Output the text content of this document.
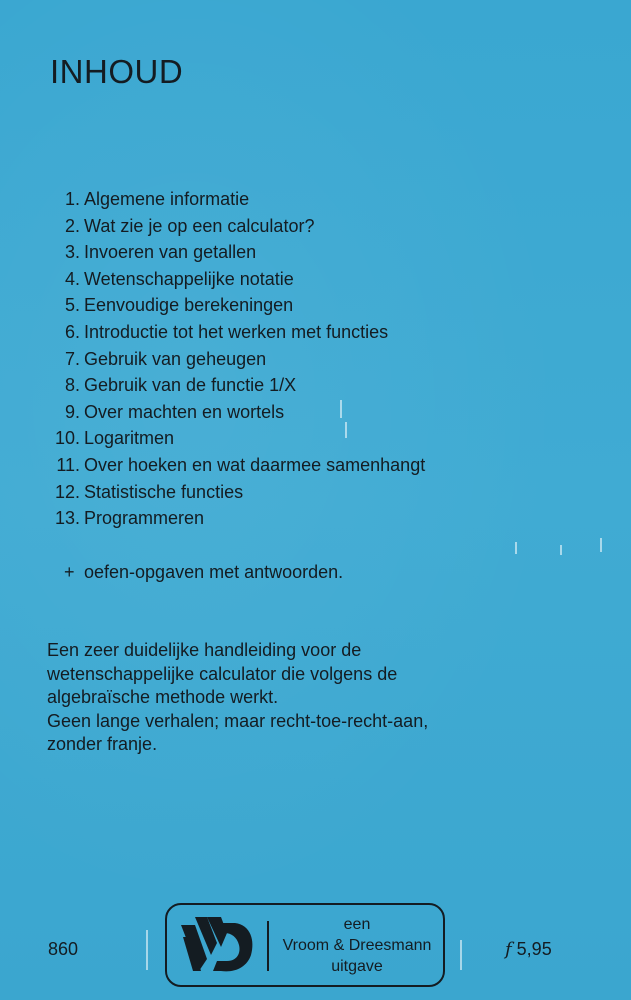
INHOUD
1. Algemene informatie
2. Wat zie je op een calculator?
3. Invoeren van getallen
4. Wetenschappelijke notatie
5. Eenvoudige berekeningen
6. Introductie tot het werken met functies
7. Gebruik van geheugen
8. Gebruik van de functie 1/X
9. Over machten en wortels
10. Logaritmen
11. Over hoeken en wat daarmee samenhangt
12. Statistische functies
13. Programmeren
+ oefen-opgaven met antwoorden.

Een zeer duidelijke handleiding voor de
wetenschappelijke calculator die volgens de
algebraïsche methode werkt.
Geen lange verhalen; maar recht-toe-recht-aan,
zonder franje.

860
een
Vroom & Dreesmann
uitgave
f 5,95
